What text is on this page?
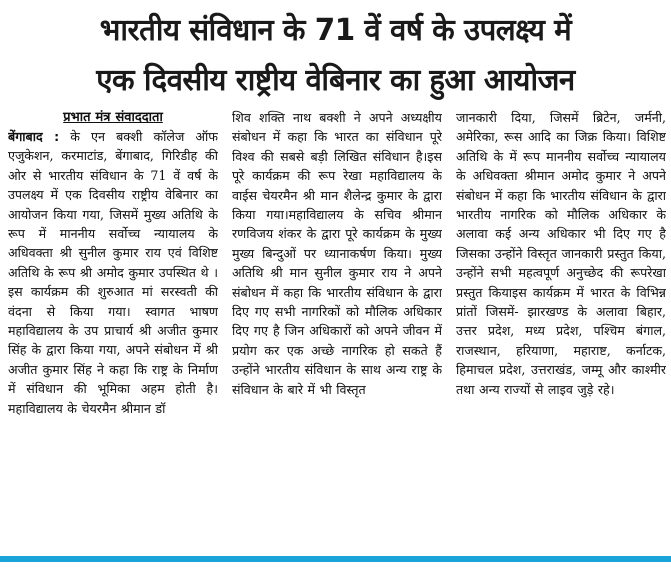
भारतीय संविधान के 71 वें वर्ष के उपलक्ष्य में
एक दिवसीय राष्ट्रीय वेबिनार का हुआ आयोजन
प्रभात मंत्र संवाददाता

बेंगाबाद : के एन बक्शी कॉलेज ऑफ एजुकेशन, करमाटांड, बेंगाबाद, गिरिडीह की ओर से भारतीय संविधान के 71 वें वर्ष के उपलक्ष्य में एक दिवसीय राष्ट्रीय वेबिनार का आयोजन किया गया, जिसमें मुख्य अतिथि के रूप में माननीय सर्वोच्च न्यायालय के अधिवक्ता श्री सुनील कुमार राय एवं विशिष्ट अतिथि के रूप श्री अमोद कुमार उपस्थित थे । इस कार्यक्रम की शुरुआत मां सरस्वती की वंदना से किया गया। स्वागत भाषण महाविद्यालय के उप प्राचार्य श्री अजीत कुमार सिंह के द्वारा किया गया, अपने संबोधन में श्री अजीत कुमार सिंह ने कहा कि राष्ट्र के निर्माण में संविधान की भूमिका अहम होती है। महाविद्यालय के चेयरमैन श्रीमान डॉ

शिव शक्ति नाथ बक्शी ने अपने अध्यक्षीय संबोधन में कहा कि भारत का संविधान पूरे विश्व की सबसे बड़ी लिखित संविधान है।इस पूरे कार्यक्रम की रूप रेखा महाविद्यालय के वाईस चेयरमैन श्री मान शैलेन्द्र कुमार के द्वारा किया गया।महाविद्यालय के सचिव श्रीमान रणविजय शंकर के द्वारा पूरे कार्यक्रम के मुख्य मुख्य बिन्दुओं पर ध्यानाकर्षण किया। मुख्य अतिथि श्री मान सुनील कुमार राय ने अपने संबोधन में कहा कि भारतीय संविधान के द्वारा दिए गए सभी नागरिकों को मौलिक अधिकार दिए गए है जिन अधिकारों को अपने जीवन में प्रयोग कर एक अच्छे नागरिक हो सकते हैं उन्होंने भारतीय संविधान के साथ अन्य राष्ट्र के संविधान के बारे में भी विस्तृत

जानकारी दिया, जिसमें ब्रिटेन, जर्मनी, अमेरिका, रूस आदि का जिक्र किया। विशिष्ट अतिथि के में रूप माननीय सर्वोच्च न्यायालय के अधिवक्ता श्रीमान अमोद कुमार ने अपने संबोधन में कहा कि भारतीय संविधान के द्वारा भारतीय नागरिक को मौलिक अधिकार के अलावा कई अन्य अधिकार भी दिए गए है जिसका उन्होंने विस्तृत जानकारी प्रस्तुत किया, उन्होंने सभी महत्वपूर्ण अनुच्छेद की रूपरेखा प्रस्तुत कियाइस कार्यक्रम में भारत के विभिन्न प्रांतों जिसमें- झारखण्ड के अलावा बिहार, उत्तर प्रदेश, मध्य प्रदेश, पश्चिम बंगाल, राजस्थान, हरियाणा, महाराष्ट, कर्नाटक, हिमाचल प्रदेश, उत्तराखंड, जम्मू और काश्मीर तथा अन्य राज्यों से लाइव जुड़े रहे।
